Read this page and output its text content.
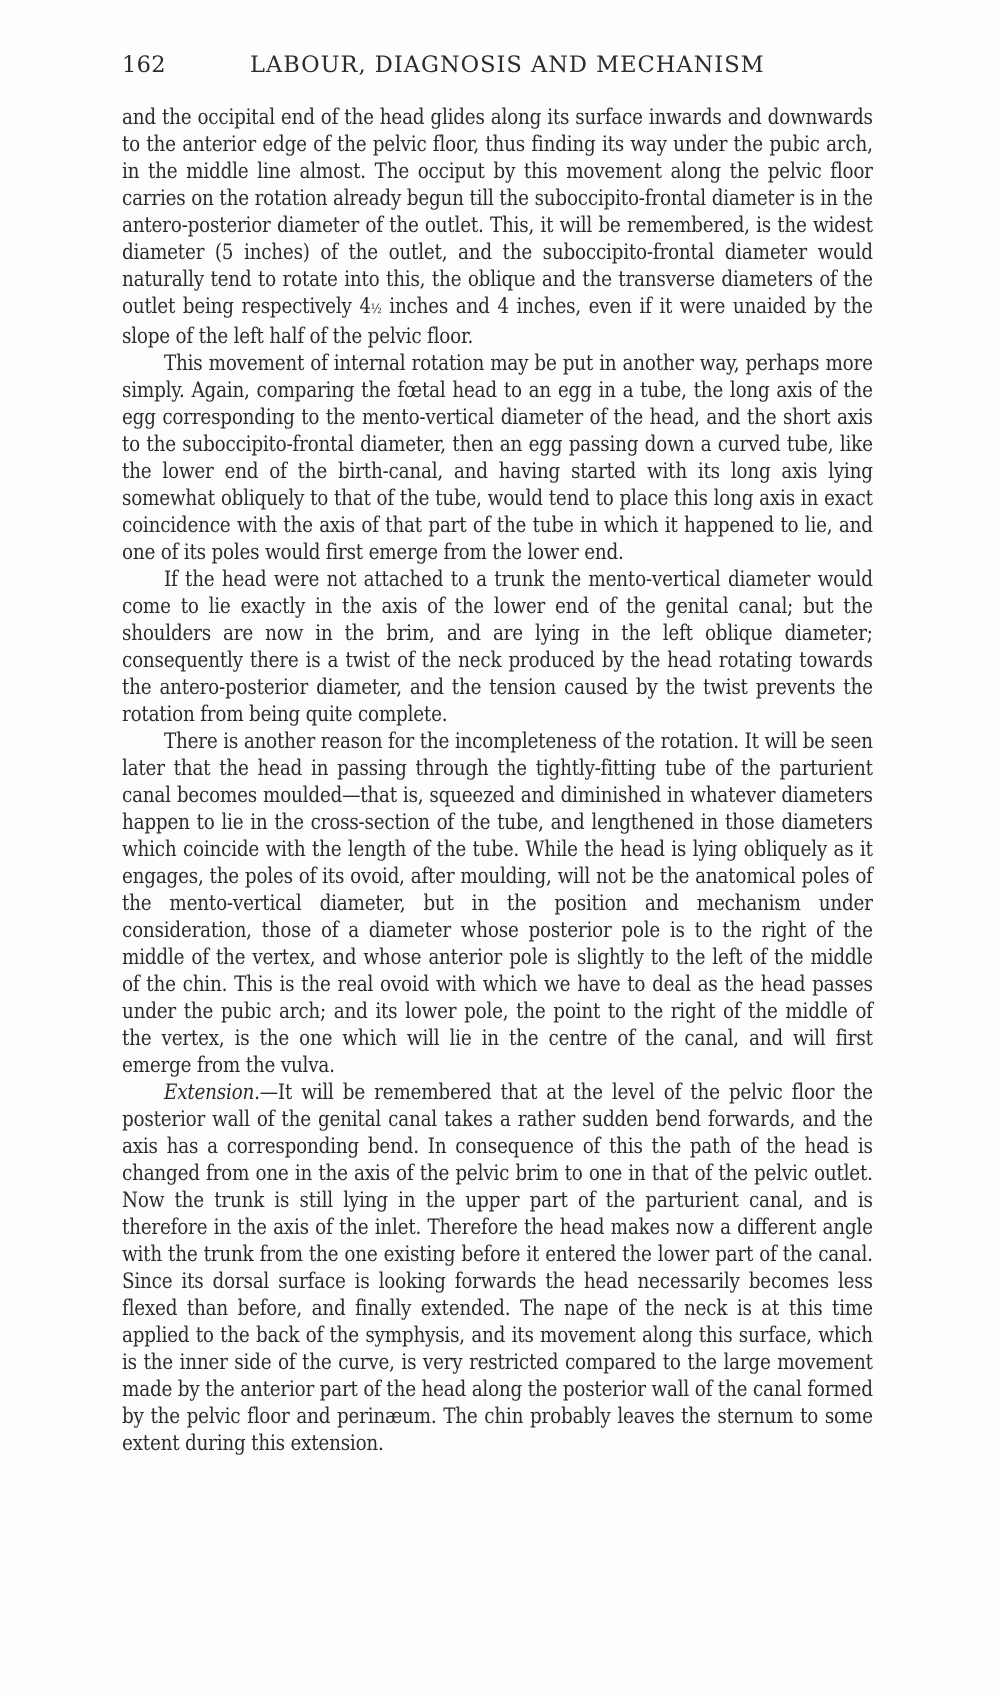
162	LABOUR, DIAGNOSIS AND MECHANISM

and the occipital end of the head glides along its surface inwards and downwards to the anterior edge of the pelvic floor, thus finding its way under the pubic arch, in the middle line almost. The occiput by this movement along the pelvic floor carries on the rotation already begun till the suboccipito-frontal diameter is in the antero-posterior diameter of the outlet. This, it will be remembered, is the widest diameter (5 inches) of the outlet, and the suboccipito-frontal diameter would naturally tend to rotate into this, the oblique and the transverse diameters of the outlet being respectively 4½ inches and 4 inches, even if it were unaided by the slope of the left half of the pelvic floor.

This movement of internal rotation may be put in another way, perhaps more simply. Again, comparing the fœtal head to an egg in a tube, the long axis of the egg corresponding to the mento-vertical diameter of the head, and the short axis to the suboccipito-frontal diameter, then an egg passing down a curved tube, like the lower end of the birth-canal, and having started with its long axis lying somewhat obliquely to that of the tube, would tend to place this long axis in exact coincidence with the axis of that part of the tube in which it happened to lie, and one of its poles would first emerge from the lower end.

If the head were not attached to a trunk the mento-vertical diameter would come to lie exactly in the axis of the lower end of the genital canal; but the shoulders are now in the brim, and are lying in the left oblique diameter; consequently there is a twist of the neck produced by the head rotating towards the antero-posterior diameter, and the tension caused by the twist prevents the rotation from being quite complete.

There is another reason for the incompleteness of the rotation. It will be seen later that the head in passing through the tightly-fitting tube of the parturient canal becomes moulded—that is, squeezed and diminished in whatever diameters happen to lie in the cross-section of the tube, and lengthened in those diameters which coincide with the length of the tube. While the head is lying obliquely as it engages, the poles of its ovoid, after moulding, will not be the anatomical poles of the mento-vertical diameter, but in the position and mechanism under consideration, those of a diameter whose posterior pole is to the right of the middle of the vertex, and whose anterior pole is slightly to the left of the middle of the chin. This is the real ovoid with which we have to deal as the head passes under the pubic arch; and its lower pole, the point to the right of the middle of the vertex, is the one which will lie in the centre of the canal, and will first emerge from the vulva.

Extension.—It will be remembered that at the level of the pelvic floor the posterior wall of the genital canal takes a rather sudden bend forwards, and the axis has a corresponding bend. In consequence of this the path of the head is changed from one in the axis of the pelvic brim to one in that of the pelvic outlet. Now the trunk is still lying in the upper part of the parturient canal, and is therefore in the axis of the inlet. Therefore the head makes now a different angle with the trunk from the one existing before it entered the lower part of the canal. Since its dorsal surface is looking forwards the head necessarily becomes less flexed than before, and finally extended. The nape of the neck is at this time applied to the back of the symphysis, and its movement along this surface, which is the inner side of the curve, is very restricted compared to the large movement made by the anterior part of the head along the posterior wall of the canal formed by the pelvic floor and perinæum. The chin probably leaves the sternum to some extent during this extension.
